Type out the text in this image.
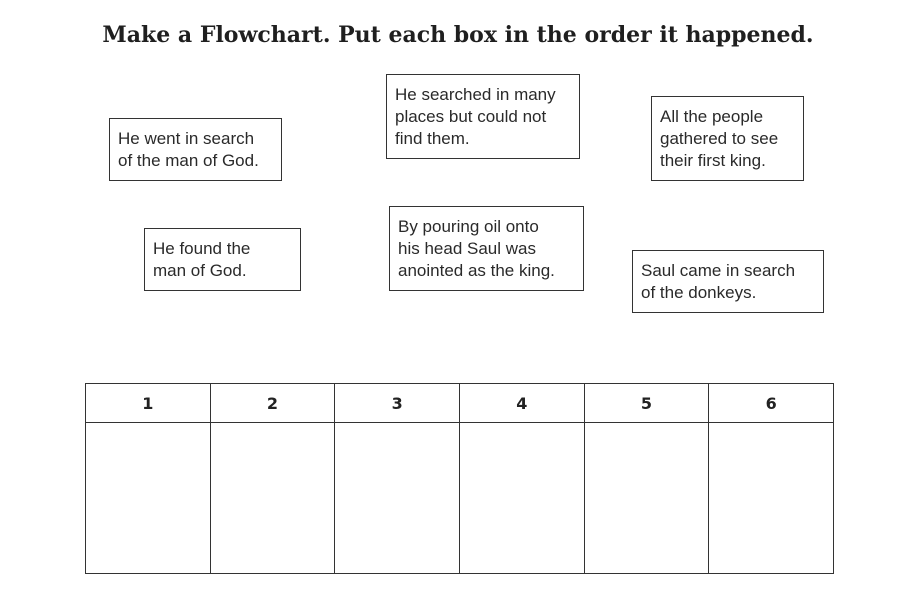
Make a Flowchart. Put each box in the order it happened.
He went in search
of the man of God.
He searched in many
places but could not
find them.
All the people
gathered to see
their first king.
He found the
man of God.
By pouring oil onto
his head Saul was
anointed as the king.	Saul came in search
of the donkeys.
1	2	3	4	5	6
